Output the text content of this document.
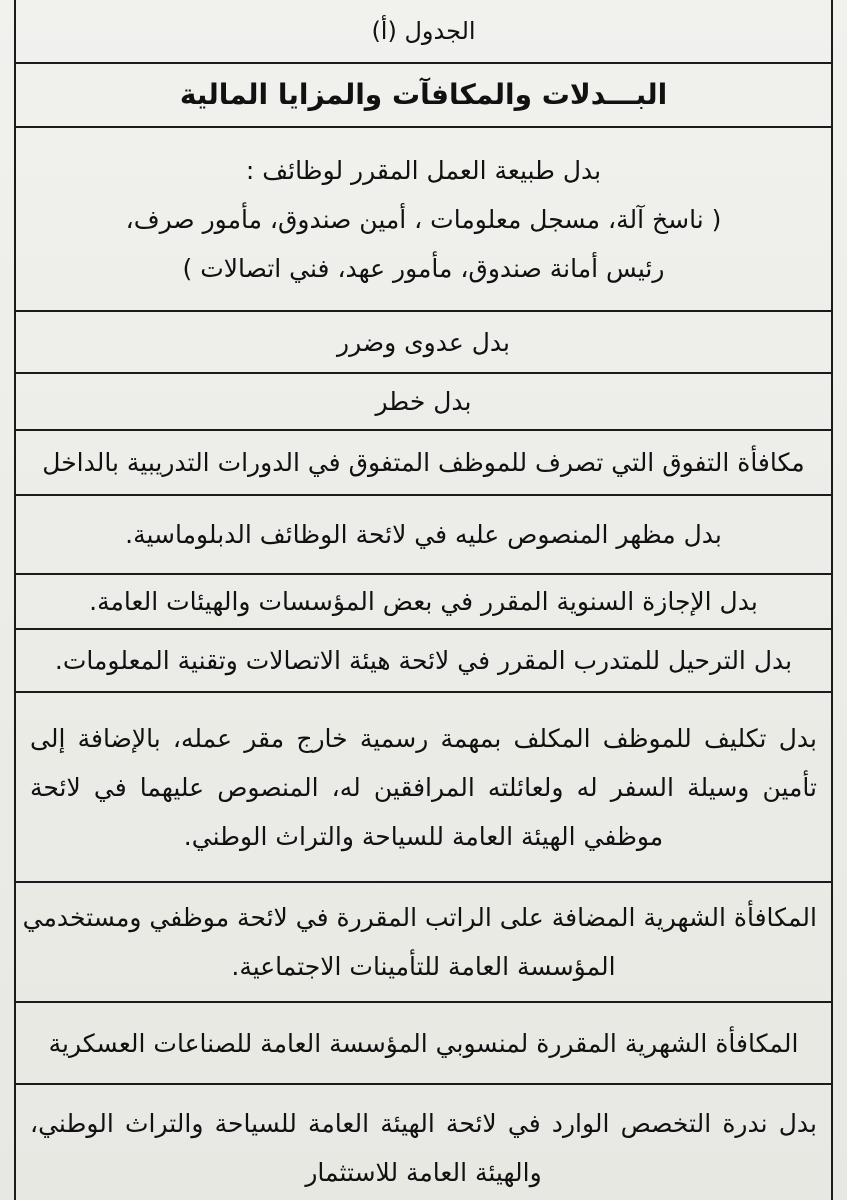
الجدول (أ)
البـــدلات والمكافآت والمزايا المالية
بدل طبيعة العمل المقرر لوظائف :
( ناسخ آلة، مسجل معلومات ، أمين صندوق، مأمور صرف،
رئيس أمانة صندوق، مأمور عهد، فني اتصالات )
بدل عدوى وضرر
بدل خطر
مكافأة التفوق التي تصرف للموظف المتفوق في الدورات التدريبية بالداخل
بدل مظهر المنصوص عليه في لائحة الوظائف الدبلوماسية.
بدل الإجازة السنوية المقرر في بعض المؤسسات والهيئات العامة.
بدل الترحيل للمتدرب المقرر في لائحة هيئة الاتصالات وتقنية المعلومات.
بدل تكليف للموظف المكلف بمهمة رسمية خارج مقر عمله، بالإضافة إلى
تأمين وسيلة السفر له ولعائلته المرافقين له، المنصوص عليهما في لائحة
موظفي الهيئة العامة للسياحة والتراث الوطني.
المكافأة الشهرية المضافة على الراتب المقررة في لائحة موظفي ومستخدمي
المؤسسة العامة للتأمينات الاجتماعية.
المكافأة الشهرية المقررة لمنسوبي المؤسسة العامة للصناعات العسكرية
بدل ندرة التخصص الوارد في لائحة الهيئة العامة للسياحة والتراث الوطني،
والهيئة العامة للاستثمار
